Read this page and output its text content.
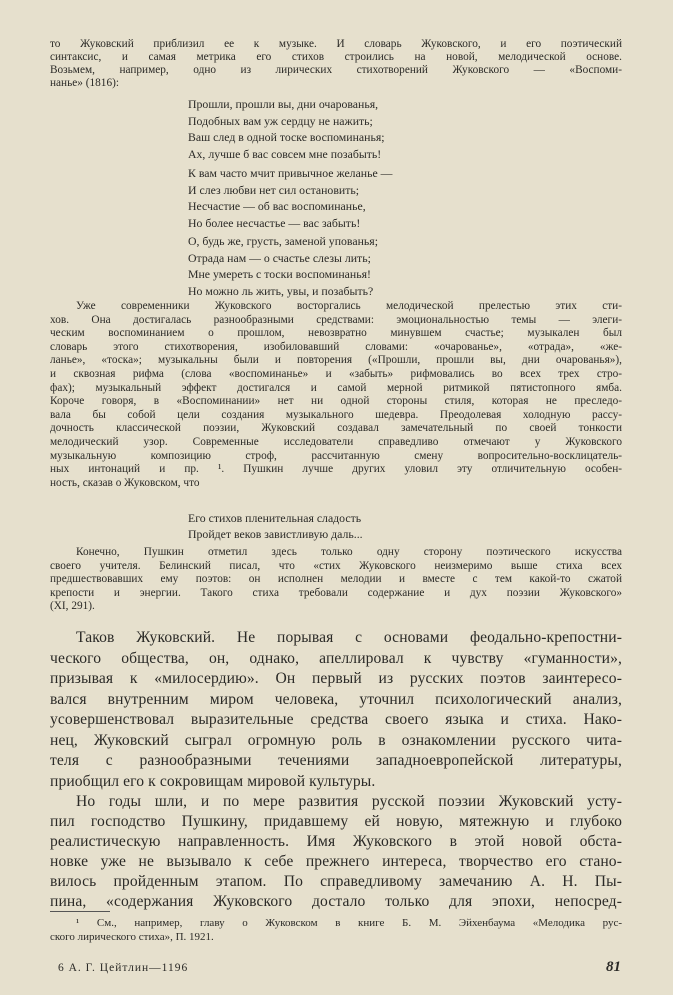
то Жуковский приблизил ее к музыке. И словарь Жуковского, и его поэтический
синтаксис, и самая метрика его стихов строились на новой, мелодической основе.
Возьмем, например, одно из лирических стихотворений Жуковского — «Воспоми-
нанье» (1816):
Прошли, прошли вы, дни очарованья,
Подобных вам уж сердцу не нажить;
Ваш след в одной тоске воспоминанья;
Ах, лучше б вас совсем мне позабыть!
К вам часто мчит привычное желанье —
И слез любви нет сил остановить;
Несчастие — об вас воспоминанье,
Но более несчастье — вас забыть!
О, будь же, грусть, заменой упованья;
Отрада нам — о счастье слезы лить;
Мне умереть с тоски воспоминанья!
Но можно ль жить, увы, и позабыть?
Уже современники Жуковского восторгались мелодической прелестью этих сти-
хов. Она достигалась разнообразными средствами: эмоциональностью темы — элеги-
ческим воспоминанием о прошлом, невозвратно минувшем счастье; музыкален был
словарь этого стихотворения, изобиловавший словами: «очарованье», «отрада», «же-
ланье», «тоска»; музыкальны были и повторения («Прошли, прошли вы, дни очарованья»),
и сквозная рифма (слова «воспоминанье» и «забыть» рифмовались во всех трех стро-
фах); музыкальный эффект достигался и самой мерной ритмикой пятистопного ямба.
Короче говоря, в «Воспоминании» нет ни одной стороны стиля, которая не преследо-
вала бы собой цели создания музыкального шедевра. Преодолевая холодную рассу-
дочность классической поэзии, Жуковский создавал замечательный по своей тонкости
мелодический узор. Современные исследователи справедливо отмечают у Жуковского
музыкальную композицию строф, рассчитанную смену вопросительно-восклицатель-
ных интонаций и пр. ¹. Пушкин лучше других уловил эту отличительную особен-
ность, сказав о Жуковском, что
Его стихов пленительная сладость
Пройдет веков завистливую даль...
Конечно, Пушкин отметил здесь только одну сторону поэтического искусства
своего учителя. Белинский писал, что «стих Жуковского неизмеримо выше стиха всех
предшествовавших ему поэтов: он исполнен мелодии и вместе с тем какой-то сжатой
крепости и энергии. Такого стиха требовали содержание и дух поэзии Жуковского»
(XI, 291).
Таков Жуковский. Не порывая с основами феодально-крепостни-
ческого общества, он, однако, апеллировал к чувству «гуманности»,
призывая к «милосердию». Он первый из русских поэтов заинтересо-
вался внутренним миром человека, уточнил психологический анализ,
усовершенствовал выразительные средства своего языка и стиха. Нако-
нец, Жуковский сыграл огромную роль в ознакомлении русского чита-
теля с разнообразными течениями западноевропейской литературы,
приобщил его к сокровищам мировой культуры.
Но годы шли, и по мере развития русской поэзии Жуковский усту-
пил господство Пушкину, придавшему ей новую, мятежную и глубоко
реалистическую направленность. Имя Жуковского в этой новой обста-
новке уже не вызывало к себе прежнего интереса, творчество его стано-
вилось пройденным этапом. По справедливому замечанию А. Н. Пы-
пина, «содержания Жуковского достало только для эпохи, непосред-
¹ См., например, главу о Жуковском в книге Б. М. Эйхенбаума «Мелодика рус-
ского лирического стиха», П. 1921.
6 А. Г. Цейтлин—1196	81
